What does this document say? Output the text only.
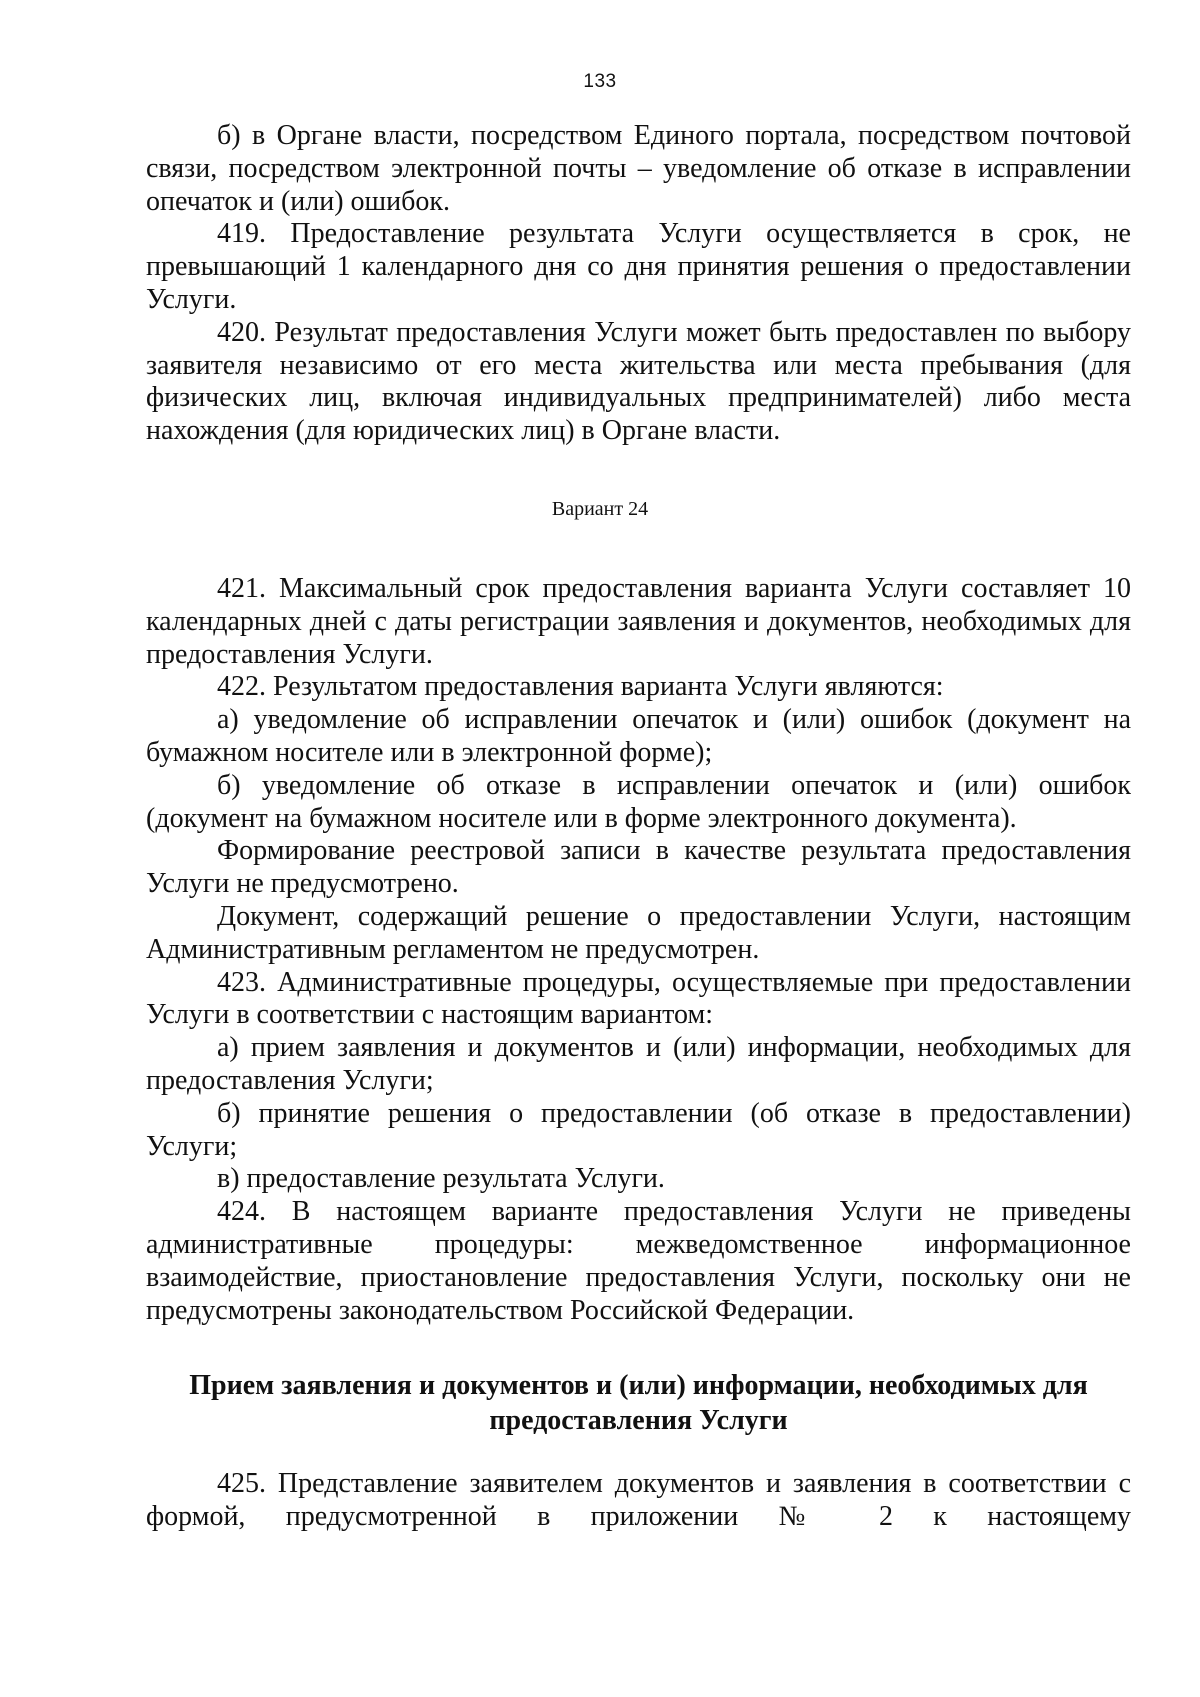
133

б) в Органе власти, посредством Единого портала, посредством почтовой связи, посредством электронной почты – уведомление об отказе в исправлении опечаток и (или) ошибок.

419. Предоставление результата Услуги осуществляется в срок, не превышающий 1 календарного дня со дня принятия решения о предоставлении Услуги.

420. Результат предоставления Услуги может быть предоставлен по выбору заявителя независимо от его места жительства или места пребывания (для физических лиц, включая индивидуальных предпринимателей) либо места нахождения (для юридических лиц) в Органе власти.

Вариант 24

421. Максимальный срок предоставления варианта Услуги составляет 10 календарных дней с даты регистрации заявления и документов, необходимых для предоставления Услуги.

422. Результатом предоставления варианта Услуги являются:

а) уведомление об исправлении опечаток и (или) ошибок (документ на бумажном носителе или в электронной форме);

б) уведомление об отказе в исправлении опечаток и (или) ошибок (документ на бумажном носителе или в форме электронного документа).

Формирование реестровой записи в качестве результата предоставления Услуги не предусмотрено.

Документ, содержащий решение о предоставлении Услуги, настоящим Административным регламентом не предусмотрен.

423. Административные процедуры, осуществляемые при предоставлении Услуги в соответствии с настоящим вариантом:

а) прием заявления и документов и (или) информации, необходимых для предоставления Услуги;

б) принятие решения о предоставлении (об отказе в предоставлении) Услуги;

в) предоставление результата Услуги.

424. В настоящем варианте предоставления Услуги не приведены административные процедуры: межведомственное информационное взаимодействие, приостановление предоставления Услуги, поскольку они не предусмотрены законодательством Российской Федерации.

Прием заявления и документов и (или) информации, необходимых для предоставления Услуги

425. Представление заявителем документов и заявления в соответствии с формой, предусмотренной в приложении № 2 к настоящему
